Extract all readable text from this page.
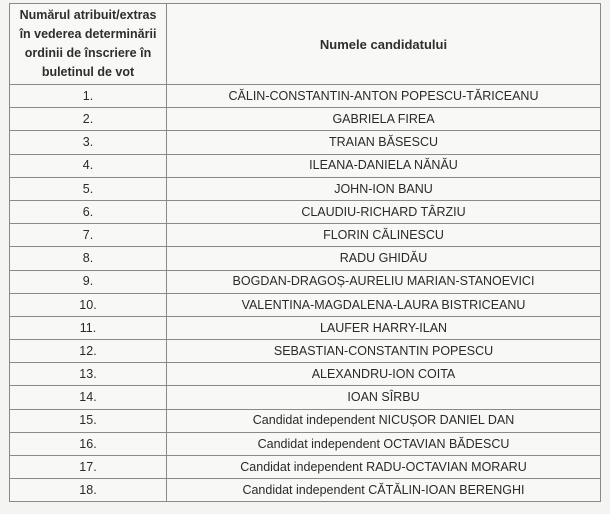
Numărul atribuit/extras în vederea determinării ordinii de înscriere în buletinul de vot	Numele candidatului
1.	CĂLIN-CONSTANTIN-ANTON POPESCU-TĂRICEANU
2.	GABRIELA FIREA
3.	TRAIAN BĂSESCU
4.	ILEANA-DANIELA NĂNĂU
5.	JOHN-ION BANU
6.	CLAUDIU-RICHARD TÂRZIU
7.	FLORIN CĂLINESCU
8.	RADU GHIDĂU
9.	BOGDAN-DRAGOȘ-AURELIU MARIAN-STANOEVICI
10.	VALENTINA-MAGDALENA-LAURA BISTRICEANU
11.	LAUFER HARRY-ILAN
12.	SEBASTIAN-CONSTANTIN POPESCU
13.	ALEXANDRU-ION COITA
14.	IOAN SÎRBU
15.	Candidat independent NICUȘOR DANIEL DAN
16.	Candidat independent OCTAVIAN BĂDESCU
17.	Candidat independent RADU-OCTAVIAN MORARU
18.	Candidat independent CĂTĂLIN-IOAN BERENGHI
